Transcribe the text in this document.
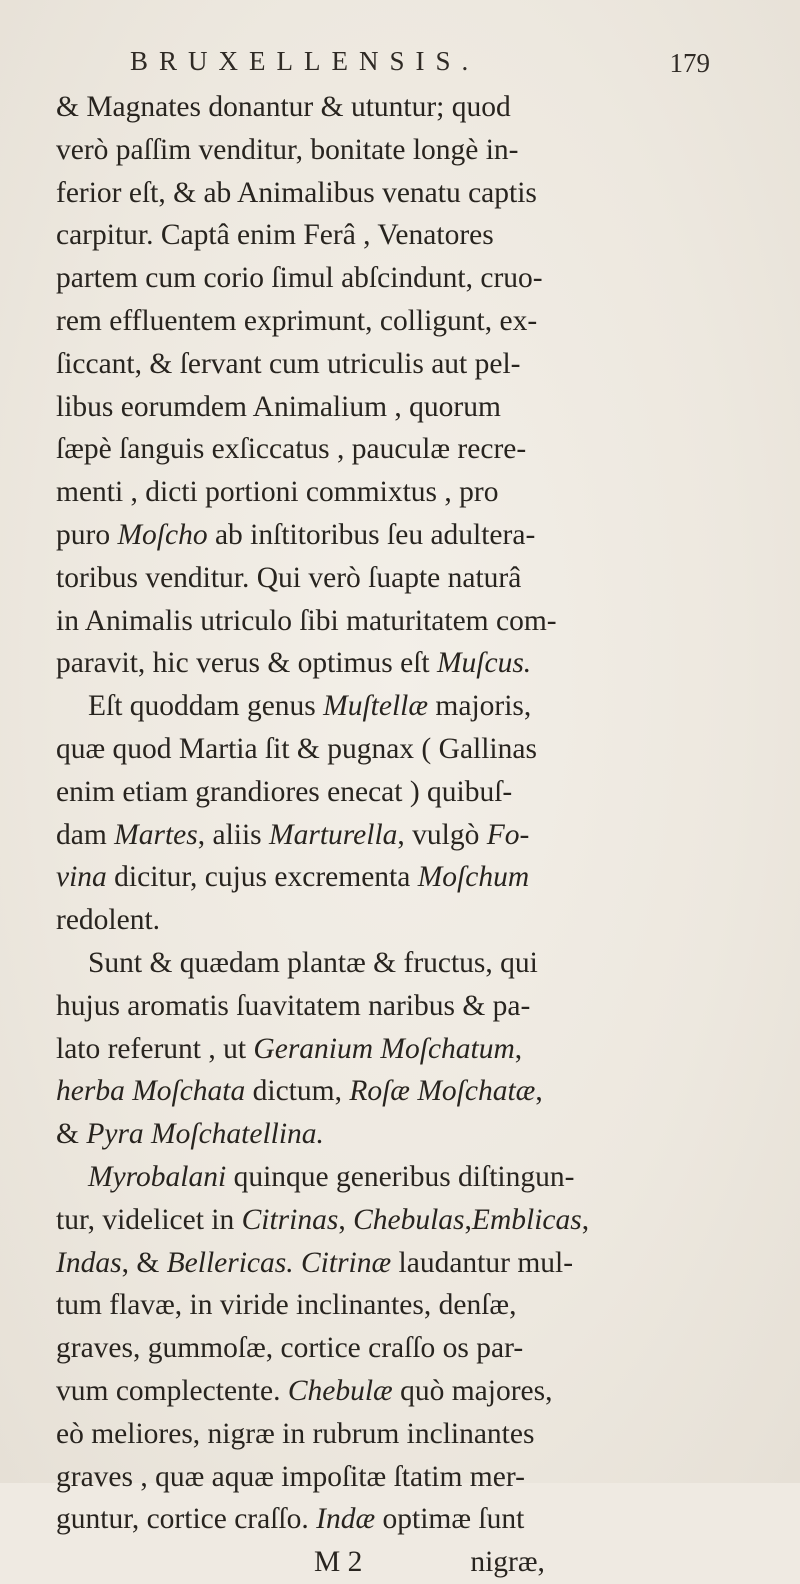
BRUXELLENSIS.	179
& Magnates donantur & utuntur; quod
verò paſſim venditur, bonitate longè in-
ferior eſt, & ab Animalibus venatu captis
carpitur. Captâ enim Ferâ , Venatores
partem cum corio ſimul abſcindunt, cruo-
rem effluentem exprimunt, colligunt, ex-
ſiccant, & ſervant cum utriculis aut pel-
libus eorumdem Animalium , quorum
ſæpè ſanguis exſiccatus , pauculæ recre-
menti , dicti portioni commixtus , pro
puro Moſcho ab inſtitoribus ſeu adultera-
toribus venditur. Qui verò ſuapte naturâ
in Animalis utriculo ſibi maturitatem com-
paravit, hic verus & optimus eſt Muſcus.
Eſt quoddam genus Muſtellæ majoris,
quæ quod Martia ſit & pugnax ( Gallinas
enim etiam grandiores enecat ) quibuſ-
dam Martes, aliis Marturella, vulgò Fo-
vina dicitur, cujus excrementa Moſchum
redolent.
Sunt & quædam plantæ & fructus, qui
hujus aromatis ſuavitatem naribus & pa-
lato referunt , ut Geranium Moſchatum,
herba Moſchata dictum, Roſæ Moſchatæ,
& Pyra Moſchatellina.
Myrobalani quinque generibus diſtingun-
tur, videlicet in Citrinas, Chebulas,Emblicas,
Indas, & Bellericas. Citrinæ laudantur mul-
tum flavæ, in viride inclinantes, denſæ,
graves, gummoſæ, cortice craſſo os par-
vum complectente. Chebulæ quò majores,
eò meliores, nigræ in rubrum inclinantes
graves , quæ aquæ impoſitæ ſtatim mer-
guntur, cortice craſſo. Indæ optimæ ſunt
M 2	nigræ,
